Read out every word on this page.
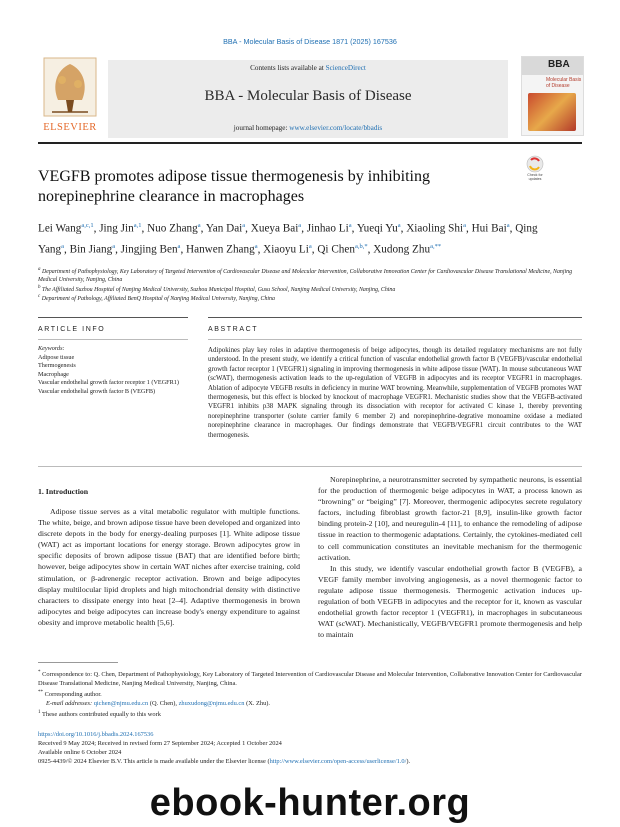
BBA - Molecular Basis of Disease 1871 (2025) 167536
ELSEVIER
Contents lists available at ScienceDirect
BBA - Molecular Basis of Disease
journal homepage: www.elsevier.com/locate/bbadis
BBA
Molecular Basis of Disease
Check for updates
VEGFB promotes adipose tissue thermogenesis by inhibiting norepinephrine clearance in macrophages
Lei Wang$^{a,c,1}$, Jing Jin$^{a,1}$, Nuo Zhang$^a$, Yan Dai$^a$, Xueya Bai$^a$, Jinhao Li$^a$, Yueqi Yu$^a$, Xiaoling Shi$^a$, Hui Bai$^a$, Qing Yang$^a$, Bin Jiang$^a$, Jingjing Ben$^a$, Hanwen Zhang$^a$, Xiaoyu Li$^a$, Qi Chen$^{a,b,*}$, Xudong Zhu$^{a,**}$
$^a$ Department of Pathophysiology, Key Laboratory of Targeted Intervention of Cardiovascular Disease and Molecular Intervention, Collaborative Innovation Center for Cardiovascular Disease Translational Medicine, Nanjing Medical University, Nanjing, China
$^b$ The Affiliated Suzhou Hospital of Nanjing Medical University, Suzhou Municipal Hospital, Gusu School, Nanjing Medical University, Nanjing, China
$^c$ Department of Pathology, Affiliated BenQ Hospital of Nanjing Medical University, Nanjing, China
ARTICLE INFO	ABSTRACT
Keywords:
Adipose tissue
Thermogenesis
Macrophage
Vascular endothelial growth factor receptor 1 (VEGFR1)
Vascular endothelial growth factor B (VEGFB)
Adipokines play key roles in adaptive thermogenesis of beige adipocytes, though its detailed regulatory mechanisms are not fully understood. In the present study, we identify a critical function of vascular endothelial growth factor B (VEGFB)/vascular endothelial growth factor receptor 1 (VEGFR1) signaling in improving thermogenesis in white adipose tissue (WAT). In mouse subcutaneous WAT (scWAT), thermogenesis activation leads to the up-regulation of VEGFB in adipocytes and its receptor VEGFR1 in macrophages. Ablation of adipocyte VEGFB results in deficiency in murine WAT browning. Meanwhile, supplementation of VEGFB promotes WAT thermogenesis, but this effect is blocked by knockout of macrophage VEGFR1. Mechanistic studies show that the VEGFB-activated VEGFR1 inhibits p38 MAPK signaling through its dissociation with receptor for activated C kinase 1, thereby preventing norepinephrine transporter (solute carrier family 6 member 2) and norepinephrine-degrative monoamine oxidase a mediated norepinephrine clearance in macrophages. Our findings demonstrate that VEGFB/VEGFR1 circuit contributes to the WAT thermogenesis.
1. Introduction

Adipose tissue serves as a vital metabolic regulator with multiple functions. The white, beige, and brown adipose tissue have been developed and organized into discrete depots in the body for energy-dealing purposes [1]. White adipose tissue (WAT) act as important locations for energy storage. Brown adipocytes grow in specific deposits of brown adipose tissue (BAT) that are identified before birth; however, beige adipocytes show in certain WAT niches after exercise training, cold stimulation, or β-adrenergic receptor activation. Brown and beige adipocytes display multilocular lipid droplets and high mitochondrial density with distinctive characters to dissipate energy into heat [2–4]. Adaptive thermogenesis in brown adipocytes and beige adipocytes can increase body's energy expenditure to against obesity and improve metabolic health [5,6].

Norepinephrine, a neurotransmitter secreted by sympathetic neurons, is essential for the production of thermogenic beige adipocytes in WAT, a process known as “browning” or “beiging” [7]. Moreover, thermogenic adipocytes secrete regulatory factors, including fibroblast growth factor-21 [8,9], insulin-like growth factor binding protein-2 [10], and neuregulin-4 [11], to enhance the remodeling of adipose tissue in reaction to thermogenic adaptations. Certainly, the cytokines-mediated cell to cell communication constitutes an inevitable mechanism for the thermogenic activation.

In this study, we identify vascular endothelial growth factor B (VEGFB), a VEGF family member involving angiogenesis, as a novel thermogenic factor to regulate adipose tissue thermogenesis. Thermogenic activation induces up-regulation of both VEGFB in adipocytes and the receptor for it, known as vascular endothelial growth factor receptor 1 (VEGFR1), in macrophages in subcutaneous WAT (scWAT). Mechanistically, VEGFB/VEGFR1 promote thermogenesis and help to maintain

* Correspondence to: Q. Chen, Department of Pathophysiology, Key Laboratory of Targeted Intervention of Cardiovascular Disease and Molecular Intervention, Collaborative Innovation Center for Cardiovascular Disease Translational Medicine, Nanjing Medical University, Nanjing, China.
** Corresponding author.
E-mail addresses: qichen@njmu.edu.cn (Q. Chen), zhuxudong@njmu.edu.cn (X. Zhu).
$^1$ These authors contributed equally to this work
https://doi.org/10.1016/j.bbadis.2024.167536
Received 9 May 2024; Received in revised form 27 September 2024; Accepted 1 October 2024
Available online 6 October 2024
0925-4439/© 2024 Elsevier B.V. This article is made available under the Elsevier license (http://www.elsevier.com/open-access/userlicense/1.0/).
ebook-hunter.org
